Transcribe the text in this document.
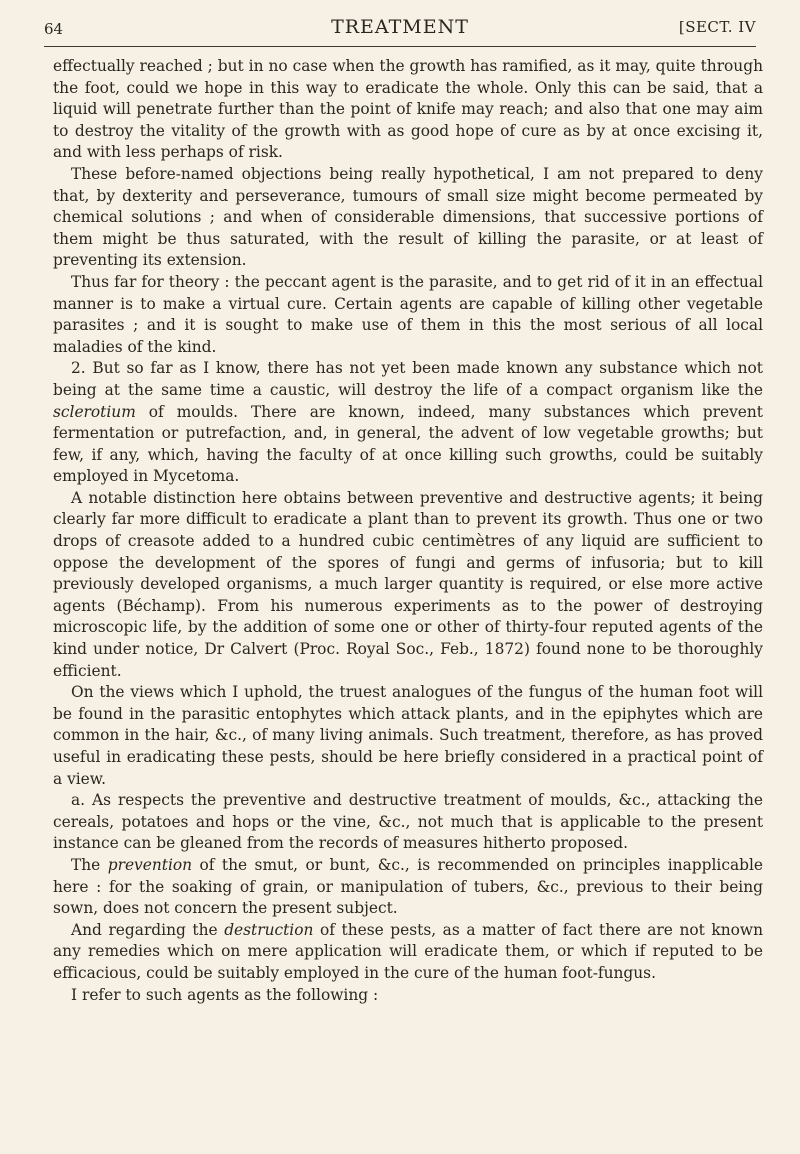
64	TREATMENT	[SECT. IV

effectually reached ; but in no case when the growth has ramified, as it may, quite through the foot, could we hope in this way to eradicate the whole. Only this can be said, that a liquid will penetrate further than the point of knife may reach; and also that one may aim to destroy the vitality of the growth with as good hope of cure as by at once excising it, and with less perhaps of risk.

These before-named objections being really hypothetical, I am not prepared to deny that, by dexterity and perseverance, tumours of small size might become permeated by chemical solutions ; and when of considerable dimensions, that successive portions of them might be thus saturated, with the result of killing the parasite, or at least of preventing its extension.

Thus far for theory : the peccant agent is the parasite, and to get rid of it in an effectual manner is to make a virtual cure. Certain agents are capable of killing other vegetable parasites ; and it is sought to make use of them in this the most serious of all local maladies of the kind.

2. But so far as I know, there has not yet been made known any substance which not being at the same time a caustic, will destroy the life of a compact organism like the sclerotium of moulds. There are known, indeed, many substances which prevent fermentation or putrefaction, and, in general, the advent of low vegetable growths; but few, if any, which, having the faculty of at once killing such growths, could be suitably employed in Mycetoma.

A notable distinction here obtains between preventive and destructive agents; it being clearly far more difficult to eradicate a plant than to prevent its growth. Thus one or two drops of creasote added to a hundred cubic centimètres of any liquid are sufficient to oppose the development of the spores of fungi and germs of infusoria; but to kill previously developed organisms, a much larger quantity is required, or else more active agents (Béchamp). From his numerous experiments as to the power of destroying microscopic life, by the addition of some one or other of thirty-four reputed agents of the kind under notice, Dr Calvert (Proc. Royal Soc., Feb., 1872) found none to be thoroughly efficient.

On the views which I uphold, the truest analogues of the fungus of the human foot will be found in the parasitic entophytes which attack plants, and in the epiphytes which are common in the hair, &c., of many living animals. Such treatment, therefore, as has proved useful in eradicating these pests, should be here briefly considered in a practical point of a view.

a. As respects the preventive and destructive treatment of moulds, &c., attacking the cereals, potatoes and hops or the vine, &c., not much that is applicable to the present instance can be gleaned from the records of measures hitherto proposed.

The prevention of the smut, or bunt, &c., is recommended on principles inapplicable here : for the soaking of grain, or manipulation of tubers, &c., previous to their being sown, does not concern the present subject.

And regarding the destruction of these pests, as a matter of fact there are not known any remedies which on mere application will eradicate them, or which if reputed to be efficacious, could be suitably employed in the cure of the human foot-fungus.

I refer to such agents as the following :
